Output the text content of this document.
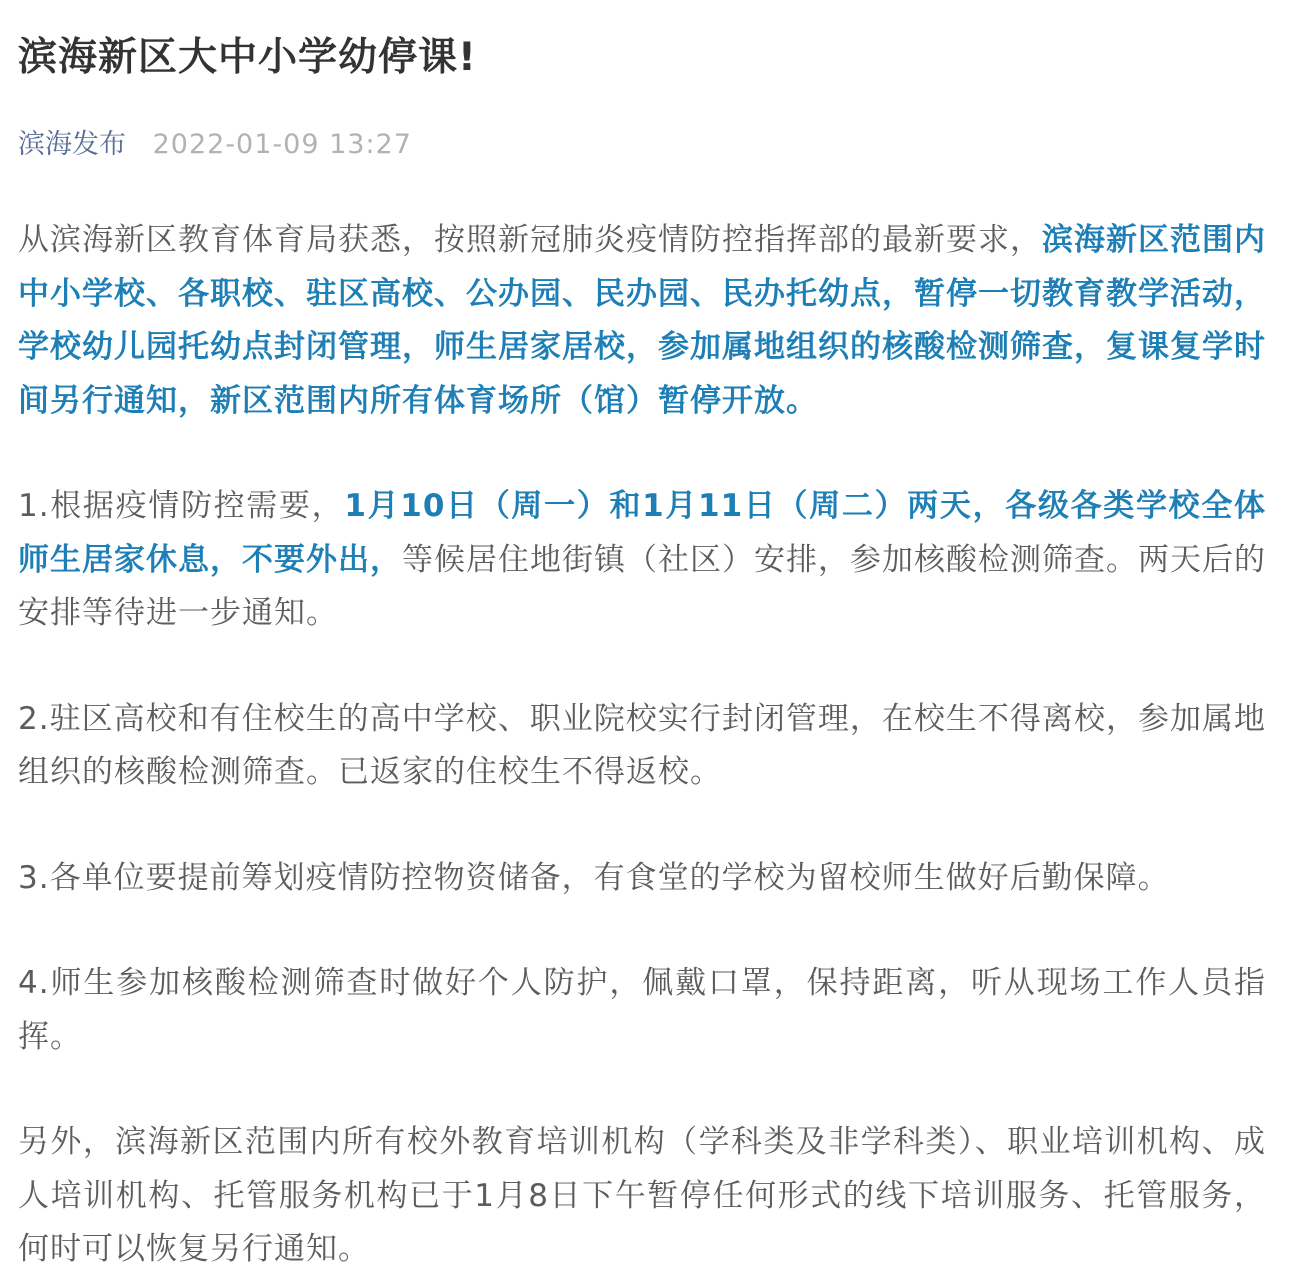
滨海新区大中小学幼停课!
滨海发布 2022-01-09 13:27

从滨海新区教育体育局获悉，按照新冠肺炎疫情防控指挥部的最新要求，滨海新区范围内中小学校、各职校、驻区高校、公办园、民办园、民办托幼点，暂停一切教育教学活动，学校幼儿园托幼点封闭管理，师生居家居校，参加属地组织的核酸检测筛查，复课复学时间另行通知，新区范围内所有体育场所（馆）暂停开放。

1.根据疫情防控需要，1月10日（周一）和1月11日（周二）两天，各级各类学校全体师生居家休息，不要外出，等候居住地街镇（社区）安排，参加核酸检测筛查。两天后的安排等待进一步通知。

2.驻区高校和有住校生的高中学校、职业院校实行封闭管理，在校生不得离校，参加属地组织的核酸检测筛查。已返家的住校生不得返校。

3.各单位要提前筹划疫情防控物资储备，有食堂的学校为留校师生做好后勤保障。

4.师生参加核酸检测筛查时做好个人防护，佩戴口罩，保持距离，听从现场工作人员指挥。

另外，滨海新区范围内所有校外教育培训机构（学科类及非学科类）、职业培训机构、成人培训机构、托管服务机构已于1月8日下午暂停任何形式的线下培训服务、托管服务，何时可以恢复另行通知。
